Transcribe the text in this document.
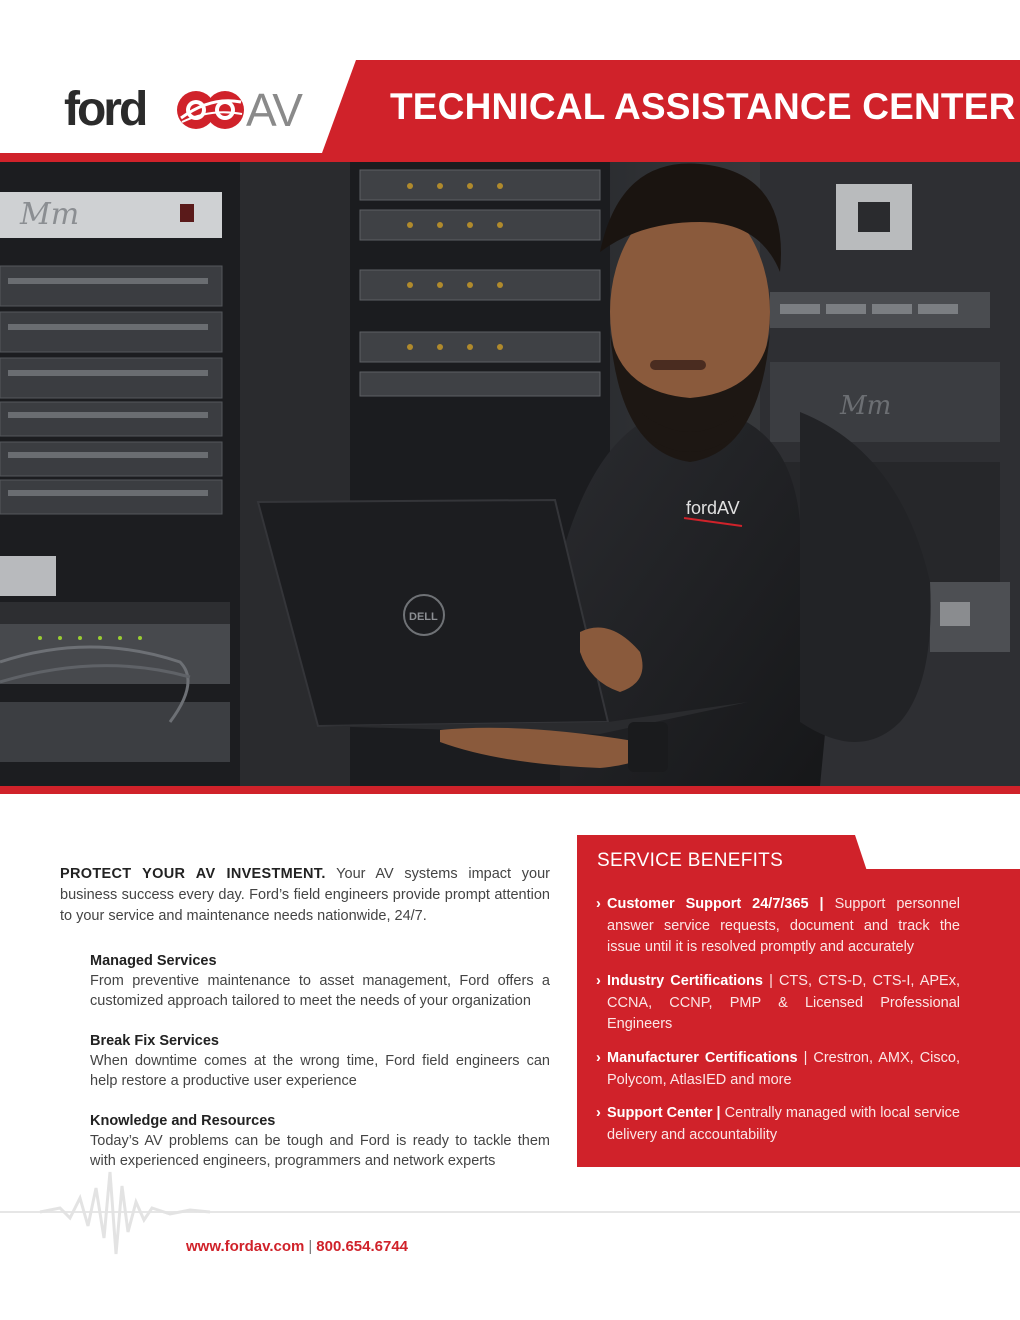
ford AV TECHNICAL ASSISTANCE CENTER
Mm
Mm
fordAV
DELL

PROTECT YOUR AV INVESTMENT. Your AV systems impact your business success every day. Ford’s field engineers provide prompt attention to your service and maintenance needs nationwide, 24/7.

Managed Services
From preventive maintenance to asset management, Ford offers a customized approach tailored to meet the needs of your organization
Break Fix Services
When downtime comes at the wrong time, Ford field engineers can help restore a productive user experience
Knowledge and Resources
Today’s AV problems can be tough and Ford is ready to tackle them with experienced engineers, programmers and network experts
SERVICE BENEFITS
› Customer Support 24/7/365 | Support personnel answer service requests, document and track the issue until it is resolved promptly and accurately
› Industry Certifications | CTS, CTS-D, CTS-I, APEx, CCNA, CCNP, PMP & Licensed Professional Engineers
› Manufacturer Certifications | Crestron, AMX, Cisco, Polycom, AtlasIED and more
› Support Center | Centrally managed with local service delivery and accountability
www.fordav.com | 800.654.6744
